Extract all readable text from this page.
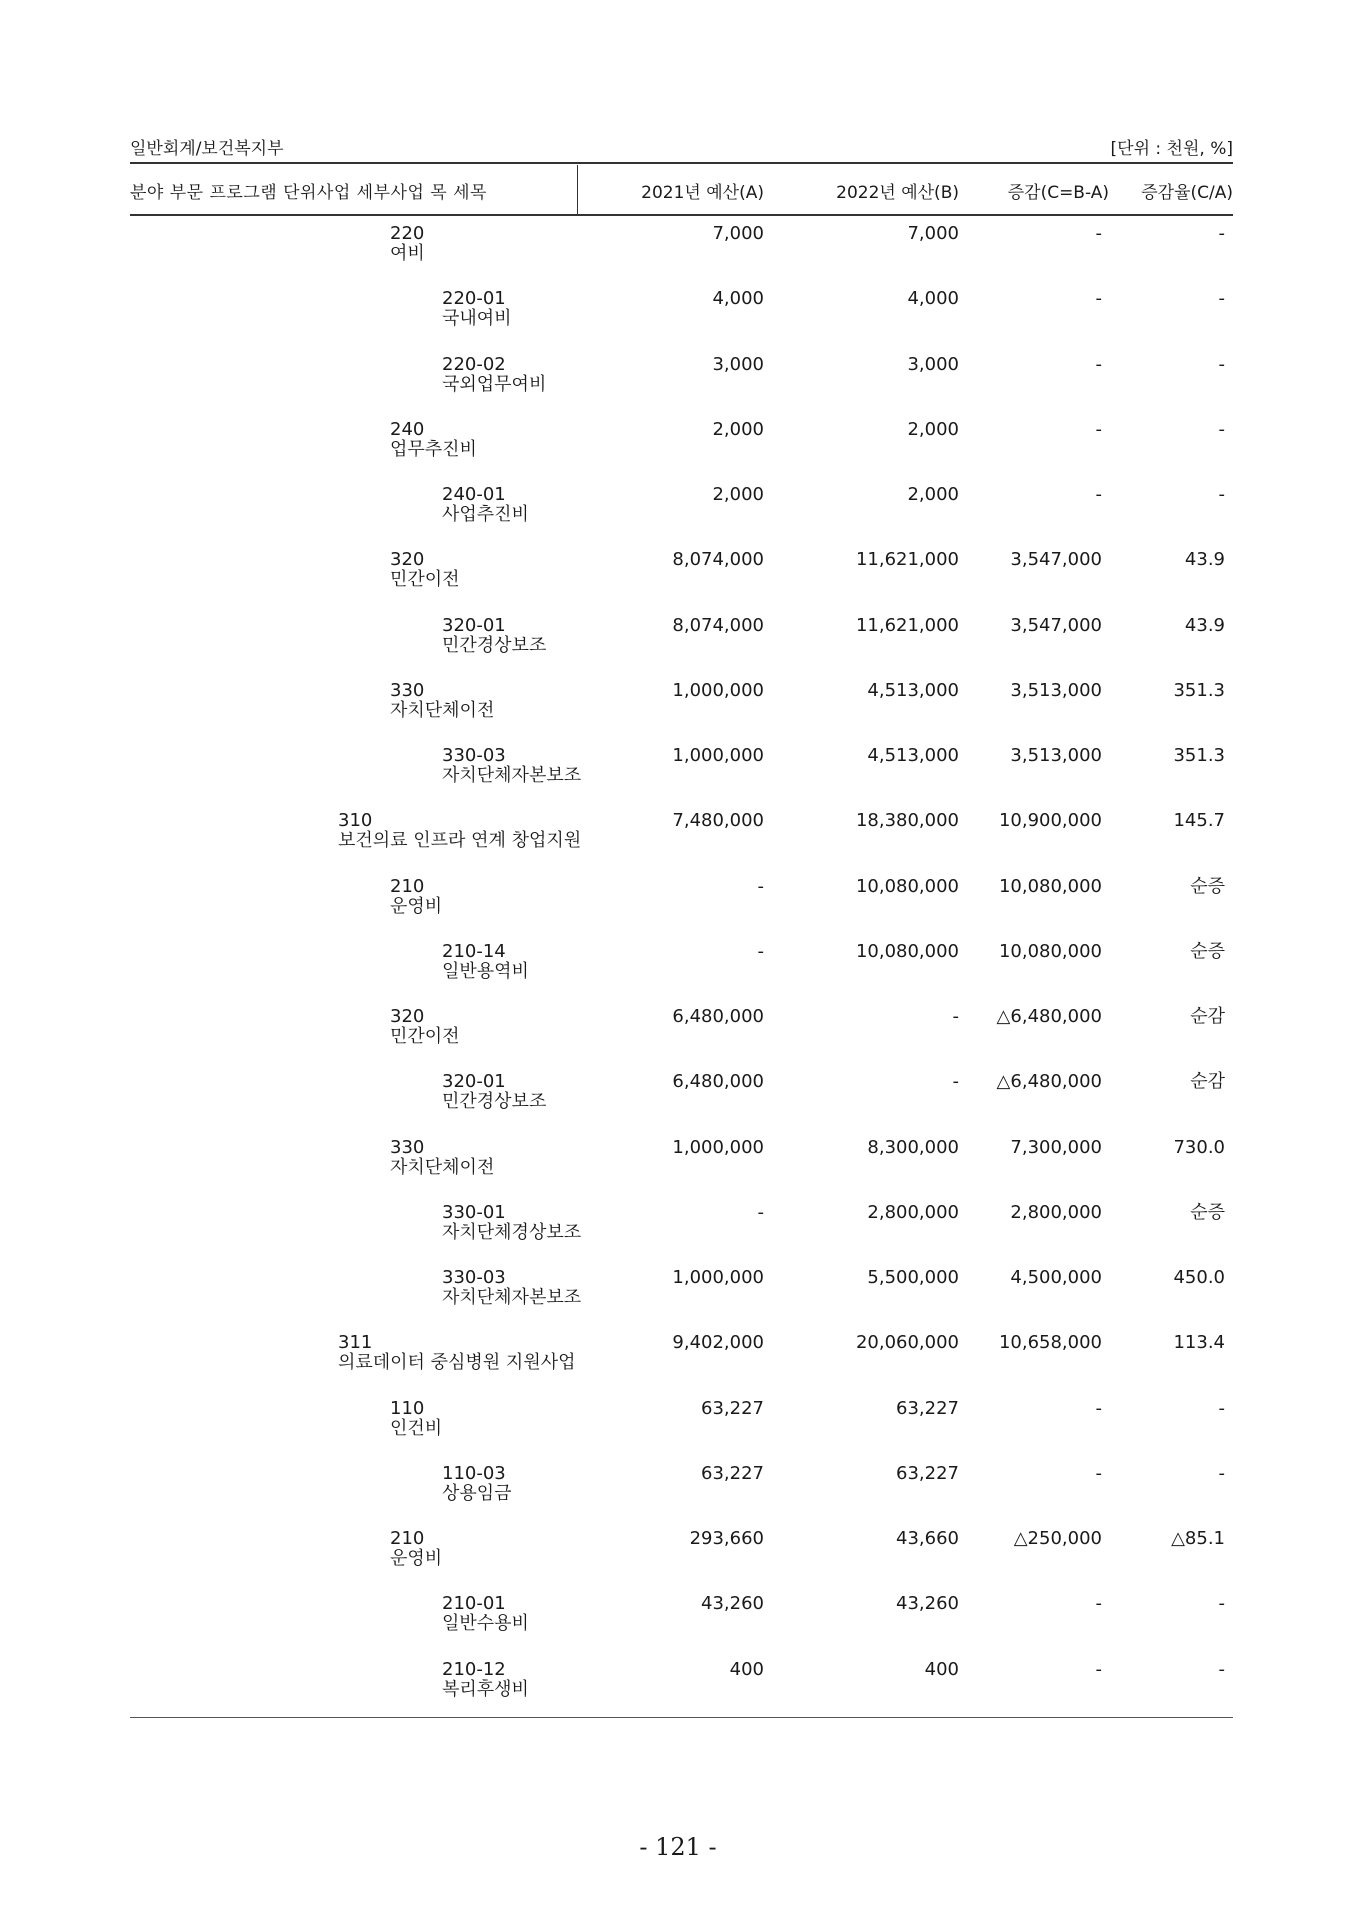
일반회계/보건복지부	[단위 : 천원, %]
분야 부문 프로그램 단위사업 세부사업 목 세목	2021년 예산(A)	2022년 예산(B)	증감(C=B-A)	증감율(C/A)
220
여비
7,000	7,000	-	-
220-01
국내여비
4,000	4,000	-	-
220-02
국외업무여비
3,000	3,000	-	-
240
업무추진비
2,000	2,000	-	-
240-01
사업추진비
2,000	2,000	-	-
320
민간이전
8,074,000	11,621,000	3,547,000	43.9
320-01
민간경상보조
8,074,000	11,621,000	3,547,000	43.9
330
자치단체이전
1,000,000	4,513,000	3,513,000	351.3
330-03
자치단체자본보조
1,000,000	4,513,000	3,513,000	351.3
310
보건의료 인프라 연계 창업지원
7,480,000	18,380,000	10,900,000	145.7
210
운영비
-	10,080,000	10,080,000	순증
210-14
일반용역비
-	10,080,000	10,080,000	순증
320
민간이전
6,480,000	-	△6,480,000	순감
320-01
민간경상보조
6,480,000	-	△6,480,000	순감
330
자치단체이전
1,000,000	8,300,000	7,300,000	730.0
330-01
자치단체경상보조
-	2,800,000	2,800,000	순증
330-03
자치단체자본보조
1,000,000	5,500,000	4,500,000	450.0
311
의료데이터 중심병원 지원사업
9,402,000	20,060,000	10,658,000	113.4
110
인건비
63,227	63,227	-	-
110-03
상용임금
63,227	63,227	-	-
210
운영비
293,660	43,660	△250,000	△85.1
210-01
일반수용비
43,260	43,260	-	-
210-12
복리후생비
400	400	-	-
- 121 -
